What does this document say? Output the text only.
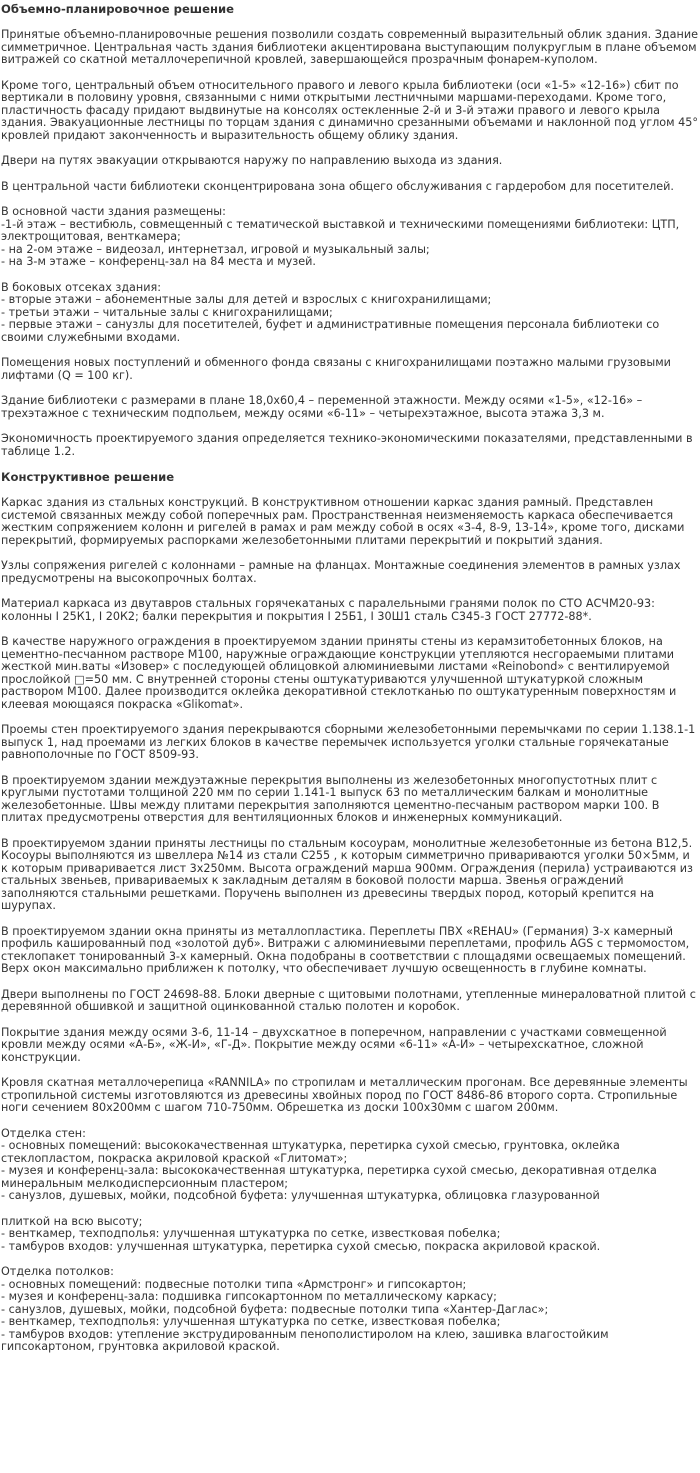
Объемно-планировочное решение
Принятые объемно-планировочные решения позволили создать современный выразительный облик здания. Здание симметричное. Центральная часть здания библиотеки акцентирована выступающим полукруглым в плане объемом витражей со скатной металлочерепичной кровлей, завершающейся прозрачным фонарем-куполом.
Кроме того, центральный объем относительного правого и левого крыла библиотеки (оси «1-5» «12-16») сбит по вертикали в половину уровня, связанными с ними открытыми лестничными маршами-переходами. Кроме того, пластичность фасаду придают выдвинутые на консолях остекленные 2-й и 3-й этажи правого и левого крыла здания. Эвакуационные лестницы по торцам здания с динамично срезанными объемами и наклонной под углом 45° кровлей придают законченность и выразительность общему облику здания.
Двери на путях эвакуации открываются наружу по направлению выхода из здания.
В центральной части библиотеки сконцентрирована зона общего обслуживания с гардеробом для посетителей.
В основной части здания размещены:
-1-й этаж – вестибюль, совмещенный с тематической выставкой и техническими помещениями библиотеки: ЦТП, электрощитовая, венткамера;
- на 2-ом этаже – видеозал, интернетзал, игровой и музыкальный залы;
- на 3-м этаже – конференц-зал на 84 места и музей.
В боковых отсеках здания:
- вторые этажи – абонементные залы для детей и взрослых с книгохранилищами;
- третьи этажи – читальные залы с книгохранилищами;
- первые этажи – санузлы для посетителей, буфет и административные помещения персонала библиотеки со своими служебными входами.
Помещения новых поступлений и обменного фонда связаны с книгохранилищами поэтажно малыми грузовыми лифтами (Q = 100 кг).
Здание библиотеки с размерами в плане 18,0х60,4 – переменной этажности. Между осями «1-5», «12-16» – трехэтажное с техническим подпольем, между осями «6-11» – четырехэтажное, высота этажа 3,3 м.
Экономичность проектируемого здания определяется технико-экономическими показателями, представленными в таблице 1.2.
Конструктивное решение
Каркас здания из стальных конструкций. В конструктивном отношении каркас здания рамный. Представлен системой связанных между собой поперечных рам. Пространственная неизменяемость каркаса обеспечивается жестким сопряжением колонн и ригелей в рамах и рам между собой в осях «3-4, 8-9, 13-14», кроме того, дисками перекрытий, формируемых распорками железобетонными плитами перекрытий и покрытий здания.
Узлы сопряжения ригелей с колоннами – рамные на фланцах. Монтажные соединения элементов в рамных узлах предусмотрены на высокопрочных болтах.
Материал каркаса из двутавров стальных горячекатаных с паралельными гранями полок по СТО АСЧМ20-93: колонны I 25К1, I 20К2; балки перекрытия и покрытия I 25Б1, I 30Ш1 сталь С345-3 ГОСТ 27772-88*.
В качестве наружного ограждения в проектируемом здании приняты стены из керамзитобетонных блоков, на цементно-песчанном растворе М100, наружные ограждающие конструкции утепляются несгораемыми плитами жесткой мин.ваты «Изовер» с последующей облицовкой алюминиевыми листами «Reinobond» с вентилируемой прослойкой □=50 мм. С внутренней стороны стены оштукатуриваются улучшенной штукатуркой сложным раствором М100. Далее производится оклейка декоративной стеклотканью по оштукатуренным поверхностям и клеевая моющаяся покраска «Glikomat».
Проемы стен проектируемого здания перекрываются сборными железобетонными перемычками по серии 1.138.1-1 выпуск 1, над проемами из легких блоков в качестве перемычек используется уголки стальные горячекатаные равнополочные по ГОСТ 8509-93.
В проектируемом здании междуэтажные перекрытия выполнены из железобетонных многопустотных плит с круглыми пустотами толщиной 220 мм по серии 1.141-1 выпуск 63 по металлическим балкам и монолитные железобетонные. Швы между плитами перекрытия заполняются цементно-песчаным раствором марки 100. В плитах предусмотрены отверстия для вентиляционных блоков и инженерных коммуникаций.
В проектируемом здании приняты лестницы по стальным косоурам, монолитные железобетонные из бетона В12,5. Косоуры выполняются из швеллера №14 из стали С255 , к которым симметрично привариваются уголки 50×5мм, и к которым приваривается лист 3х250мм. Высота ограждений марша 900мм. Ограждения (перила) устраиваются из стальных звеньев, привариваемых к закладным деталям в боковой полости марша. Звенья ограждений заполняются стальными решетками. Поручень выполнен из древесины твердых пород, который крепится на шурупах.
В проектируемом здании окна приняты из металлопластика. Переплеты ПВХ «REHAU» (Германия) 3-х камерный профиль кашированный под «золотой дуб». Витражи с алюминиевыми переплетами, профиль AGS с термомостом, стеклопакет тонированный 3-х камерный. Окна подобраны в соответствии с площадями освещаемых помещений. Верх окон максимально приближен к потолку, что обеспечивает лучшую освещенность в глубине комнаты.
Двери выполнены по ГОСТ 24698-88. Блоки дверные с щитовыми полотнами, утепленные минераловатной плитой с деревянной обшивкой и защитной оцинкованной сталью полотен и коробок.
Покрытие здания между осями 3-6, 11-14 – двухскатное в поперечном, направлении с участками совмещенной кровли между осями «А-Б», «Ж-И», «Г-Д». Покрытие между осями «6-11» «А-И» – четырехскатное, сложной конструкции.
Кровля скатная металлочерепица «RANNILA» по стропилам и металлическим прогонам. Все деревянные элементы стропильной системы изготовляются из древесины хвойных пород по ГОСТ 8486-86 второго сорта. Стропильные ноги сечением 80х200мм с шагом 710-750мм. Обрешетка из доски 100х30мм с шагом 200мм.
Отделка стен:
- основных помещений: высококачественная штукатурка, перетирка сухой смесью, грунтовка, оклейка стеклопластом, покраска акриловой краской «Глитомат»;
- музея и конференц-зала: высококачественная штукатурка, перетирка сухой смесью, декоративная отделка минеральным мелкодисперсионным пластером;
- санузлов, душевых, мойки, подсобной буфета: улучшенная штукатурка, облицовка глазурованной
плиткой на всю высоту;
- венткамер, техподполья: улучшенная штукатурка по сетке, известковая побелка;
- тамбуров входов: улучшенная штукатурка, перетирка сухой смесью, покраска акриловой краской.
Отделка потолков:
- основных помещений: подвесные потолки типа «Армстронг» и гипсокартон;
- музея и конференц-зала: подшивка гипсокартонном по металлическому каркасу;
- санузлов, душевых, мойки, подсобной буфета: подвесные потолки типа «Хантер-Даглас»;
- венткамер, техподполья: улучшенная штукатурка по сетке, известковая побелка;
- тамбуров входов: утепление экструдированным пенополистиролом на клею, зашивка влагостойким гипсокартоном, грунтовка акриловой краской.
